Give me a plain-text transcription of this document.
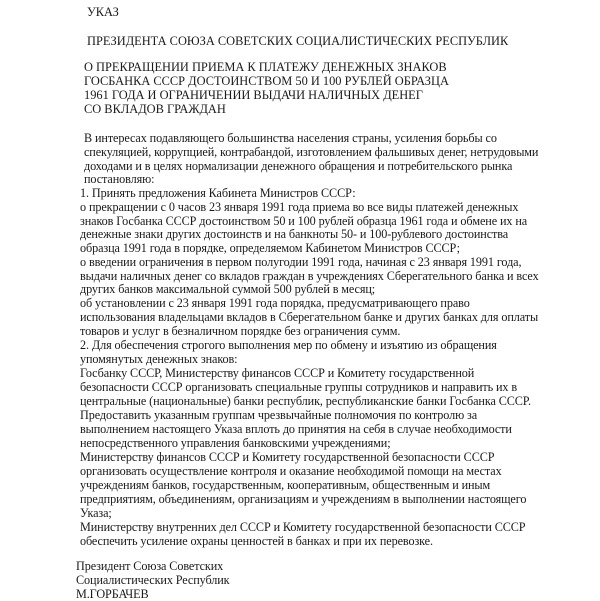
УКАЗ
ПРЕЗИДЕНТА СОЮЗА СОВЕТСКИХ СОЦИАЛИСТИЧЕСКИХ РЕСПУБЛИК
О ПРЕКРАЩЕНИИ ПРИЕМА К ПЛАТЕЖУ ДЕНЕЖНЫХ ЗНАКОВ
ГОСБАНКА СССР ДОСТОИНСТВОМ 50 И 100 РУБЛЕЙ ОБРАЗЦА
1961 ГОДА И ОГРАНИЧЕНИИ ВЫДАЧИ НАЛИЧНЫХ ДЕНЕГ
СО ВКЛАДОВ ГРАЖДАН
В интересах подавляющего большинства населения страны, усиления борьбы со
спекуляцией, коррупцией, контрабандой, изготовлением фальшивых денег, нетрудовыми
доходами и в целях нормализации денежного обращения и потребительского рынка
постановляю:
1. Принять предложения Кабинета Министров СССР:
о прекращении с 0 часов 23 января 1991 года приема во все виды платежей денежных
знаков Госбанка СССР достоинством 50 и 100 рублей образца 1961 года и обмене их на
денежные знаки других достоинств и на банкноты 50- и 100-рублевого достоинства
образца 1991 года в порядке, определяемом Кабинетом Министров СССР;
о введении ограничения в первом полугодии 1991 года, начиная с 23 января 1991 года,
выдачи наличных денег со вкладов граждан в учреждениях Сберегательного банка и всех
других банков максимальной суммой 500 рублей в месяц;
об установлении с 23 января 1991 года порядка, предусматривающего право
использования владельцами вкладов в Сберегательном банке и других банках для оплаты
товаров и услуг в безналичном порядке без ограничения сумм.
2. Для обеспечения строгого выполнения мер по обмену и изъятию из обращения
упомянутых денежных знаков:
Госбанку СССР, Министерству финансов СССР и Комитету государственной
безопасности СССР организовать специальные группы сотрудников и направить их в
центральные (национальные) банки республик, республиканские банки Госбанка СССР.
Предоставить указанным группам чрезвычайные полномочия по контролю за
выполнением настоящего Указа вплоть до принятия на себя в случае необходимости
непосредственного управления банковскими учреждениями;
Министерству финансов СССР и Комитету государственной безопасности СССР
организовать осуществление контроля и оказание необходимой помощи на местах
учреждениям банков, государственным, кооперативным, общественным и иным
предприятиям, объединениям, организациям и учреждениям в выполнении настоящего
Указа;
Министерству внутренних дел СССР и Комитету государственной безопасности СССР
обеспечить усиление охраны ценностей в банках и при их перевозке.
Президент Союза Советских
Социалистических Республик
М.ГОРБАЧЕВ
